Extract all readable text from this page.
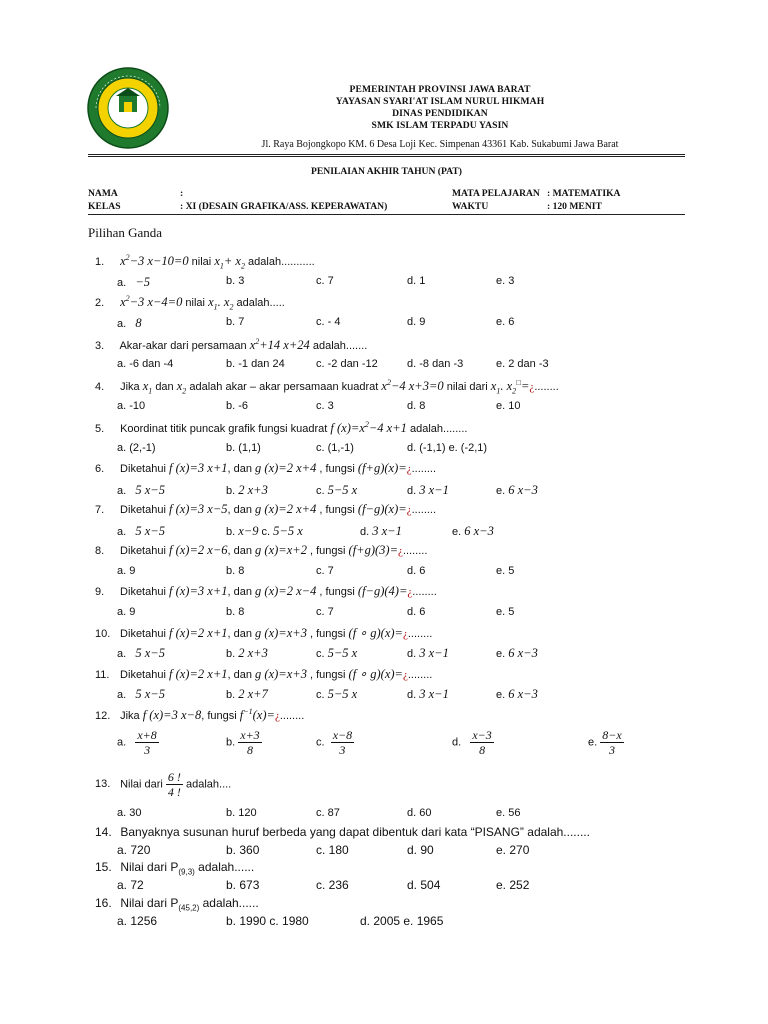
PEMERINTAH PROVINSI JAWA BARAT
YAYASAN SYARI'AT ISLAM NURUL HIKMAH
DINAS PENDIDIKAN
SMK ISLAM TERPADU YASIN
Jl. Raya Bojongkopo KM. 6 Desa Loji Kec. Simpenan 43361 Kab. Sukabumi Jawa Barat
PENILAIAN AKHIR TAHUN (PAT)
NAMA	:
KELAS	: XI (DESAIN GRAFIKA/ASS. KEPERAWATAN)
MATA PELAJARAN : MATEMATIKA
WAKTU	: 120 MENIT
Pilihan Ganda
1. $x^2-3$ x−10=0 nilai $x_1+ x_2$ adalah...........
a. −5	b. 3	c. 7	d. 1	e. 3
2. $x^2-3$ x−4=0 nilai $x_1$. $x_2$ adalah.....
a. 8	b. 7	c. - 4	d. 9	e. 6
3. Akar-akar dari persamaan $x^2+14$ x+24 adalah.......
a. -6 dan -4	b. -1 dan 24	c. -2 dan -12	d. -8 dan -3	e. 2 dan -3
4. Jika $x_1$ dan $x_2$ adalah akar – akar persamaan kuadrat $x^2-4$ x+3=0 nilai dari $x_1$. $x_2^□=¿$........
a. -10	b. -6	c. 3	d. 8	e. 10
5. Koordinat titik puncak grafik fungsi kuadrat f $(x)=x^2-4$ x+1 adalah........
a. (2,-1)	b. (1,1)	c. (1,-1)	d. (-1,1) e. (-2,1)
6. Diketahui f (x)=3 x+1, dan g (x)=2 x+4 , fungsi (f+g)(x)=¿........
a. 5 x−5	b. 2 x+3	c. 5−5 x	d. 3 x−1	e. 6 x−3
7. Diketahui f (x)=3 x−5, dan g (x)=2 x+4 , fungsi (f−g)(x)=¿........
a. 5 x−5	b. x−9 c. 5−5 x	d. 3 x−1	e. 6 x−3
8. Diketahui f (x)=2 x−6, dan g (x)=x+2 , fungsi (f+g)(3)=¿........
a. 9	b. 8	c. 7	d. 6	e. 5
9. Diketahui f (x)=3 x+1, dan g (x)=2 x−4 , fungsi (f−g)(4)=¿........
a. 9	b. 8	c. 7	d. 6	e. 5
10. Diketahui f (x)=2 x+1, dan g (x)=x+3 , fungsi (f ∘ g)(x)=¿........
a. 5 x−5	b. 2 x+3	c. 5−5 x	d. 3 x−1	e. 6 x−3
11. Diketahui f (x)=2 x+1, dan g (x)=x+3 , fungsi (f ∘ g)(x)=¿........
a. 5 x−5	b. 2 x+7	c. 5−5 x	d. 3 x−1	e. 6 x−3
12. Jika f (x)=3 x−8, fungsi $f^{-1}(x)=¿$........
a. $\frac{x+8}{3}$	b. $\frac{x+3}{8}$	c. $\frac{x-8}{3}$	d. $\frac{x-3}{8}$	e. $\frac{8-x}{3}$
13. Nilai dari $\frac{6 !}{4 !}$ adalah....
a. 30	b. 120	c. 87	d. 60	e. 56
14. Banyaknya susunan huruf berbeda yang dapat dibentuk dari kata “PISANG” adalah........
a. 720	b. 360	c. 180	d. 90	e. 270
15. Nilai dari $P_{(9,3)}$ adalah......
a. 72	b. 673	c. 236	d. 504	e. 252
16. Nilai dari $P_{(45,2)}$ adalah......
a. 1256	b. 1990 c. 1980	d. 2005 e. 1965
